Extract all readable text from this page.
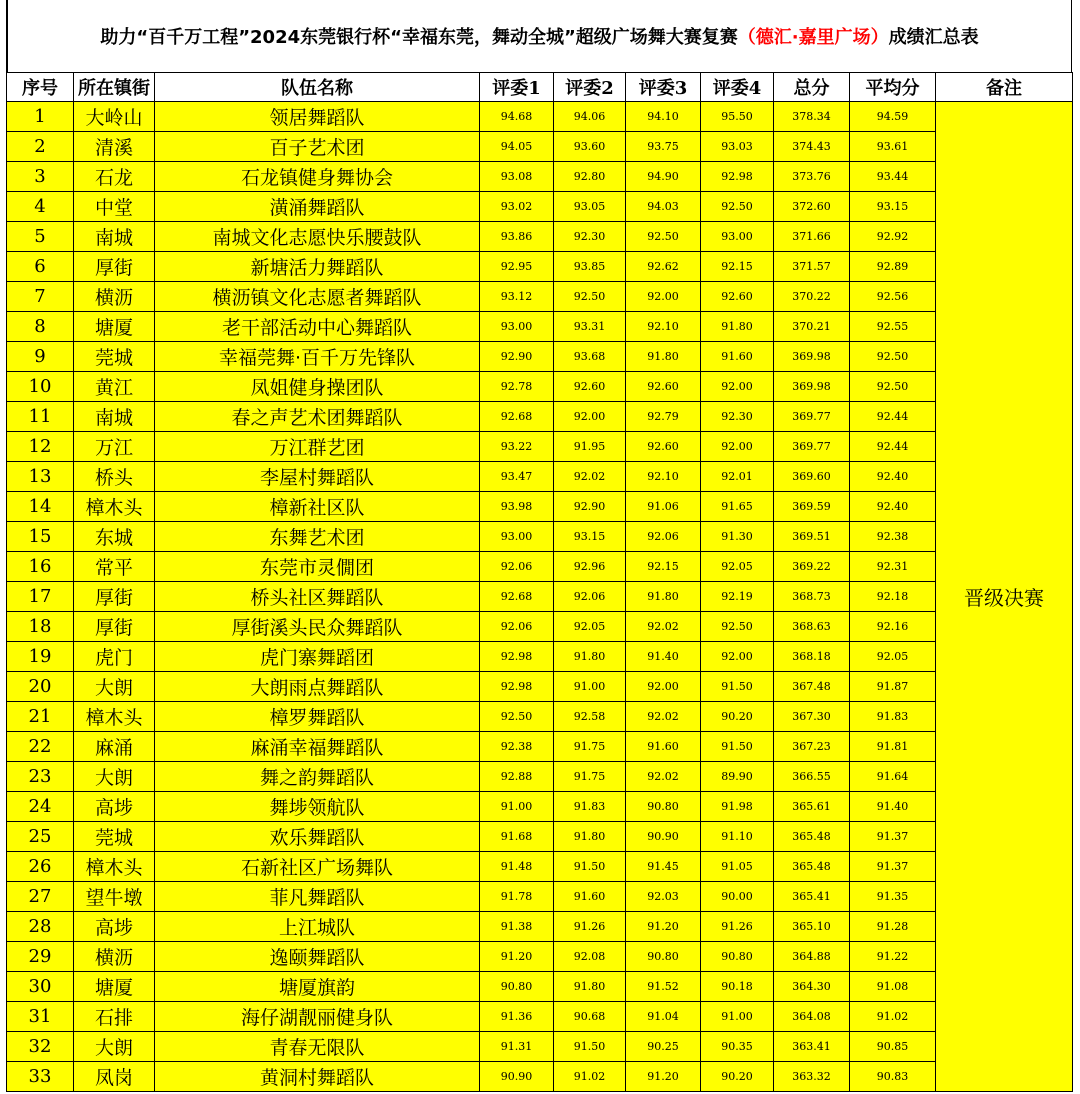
助力“百千万工程”2024东莞银行杯“幸福东莞，舞动全城”超级广场舞大赛复赛 （德汇·嘉里广场） 成绩汇总表
序号	所在镇街	队伍名称	评委1	评委2	评委3	评委4	总分	平均分	备注
1	大岭山	领居舞蹈队	94.68	94.06	94.10	95.50	378.34	94.59	晋级决赛
2	清溪	百子艺术团	94.05	93.60	93.75	93.03	374.43	93.61	
3	石龙	石龙镇健身舞协会	93.08	92.80	94.90	92.98	373.76	93.44	
4	中堂	潢涌舞蹈队	93.02	93.05	94.03	92.50	372.60	93.15	
5	南城	南城文化志愿快乐腰鼓队	93.86	92.30	92.50	93.00	371.66	92.92	
6	厚街	新塘活力舞蹈队	92.95	93.85	92.62	92.15	371.57	92.89	
7	横沥	横沥镇文化志愿者舞蹈队	93.12	92.50	92.00	92.60	370.22	92.56	
8	塘厦	老干部活动中心舞蹈队	93.00	93.31	92.10	91.80	370.21	92.55	
9	莞城	幸福莞舞·百千万先锋队	92.90	93.68	91.80	91.60	369.98	92.50	
10	黄江	凤姐健身操团队	92.78	92.60	92.60	92.00	369.98	92.50	
11	南城	春之声艺术团舞蹈队	92.68	92.00	92.79	92.30	369.77	92.44	
12	万江	万江群艺团	93.22	91.95	92.60	92.00	369.77	92.44	
13	桥头	李屋村舞蹈队	93.47	92.02	92.10	92.01	369.60	92.40	
14	樟木头	樟新社区队	93.98	92.90	91.06	91.65	369.59	92.40	
15	东城	东舞艺术团	93.00	93.15	92.06	91.30	369.51	92.38	
16	常平	东莞市灵僩团	92.06	92.96	92.15	92.05	369.22	92.31	
17	厚街	桥头社区舞蹈队	92.68	92.06	91.80	92.19	368.73	92.18	
18	厚街	厚街溪头民众舞蹈队	92.06	92.05	92.02	92.50	368.63	92.16	
19	虎门	虎门寨舞蹈团	92.98	91.80	91.40	92.00	368.18	92.05	
20	大朗	大朗雨点舞蹈队	92.98	91.00	92.00	91.50	367.48	91.87	
21	樟木头	樟罗舞蹈队	92.50	92.58	92.02	90.20	367.30	91.83	
22	麻涌	麻涌幸福舞蹈队	92.38	91.75	91.60	91.50	367.23	91.81	
23	大朗	舞之韵舞蹈队	92.88	91.75	92.02	89.90	366.55	91.64	
24	高埗	舞埗领航队	91.00	91.83	90.80	91.98	365.61	91.40	
25	莞城	欢乐舞蹈队	91.68	91.80	90.90	91.10	365.48	91.37	
26	樟木头	石新社区广场舞队	91.48	91.50	91.45	91.05	365.48	91.37	
27	望牛墩	菲凡舞蹈队	91.78	91.60	92.03	90.00	365.41	91.35	
28	高埗	上江城队	91.38	91.26	91.20	91.26	365.10	91.28	
29	横沥	逸颐舞蹈队	91.20	92.08	90.80	90.80	364.88	91.22	
30	塘厦	塘厦旗韵	90.80	91.80	91.52	90.18	364.30	91.08	
31	石排	海仔湖靓丽健身队	91.36	90.68	91.04	91.00	364.08	91.02	
32	大朗	青春无限队	91.31	91.50	90.25	90.35	363.41	90.85	
33	凤岗	黄洞村舞蹈队	90.90	91.02	91.20	90.20	363.32	90.83	
